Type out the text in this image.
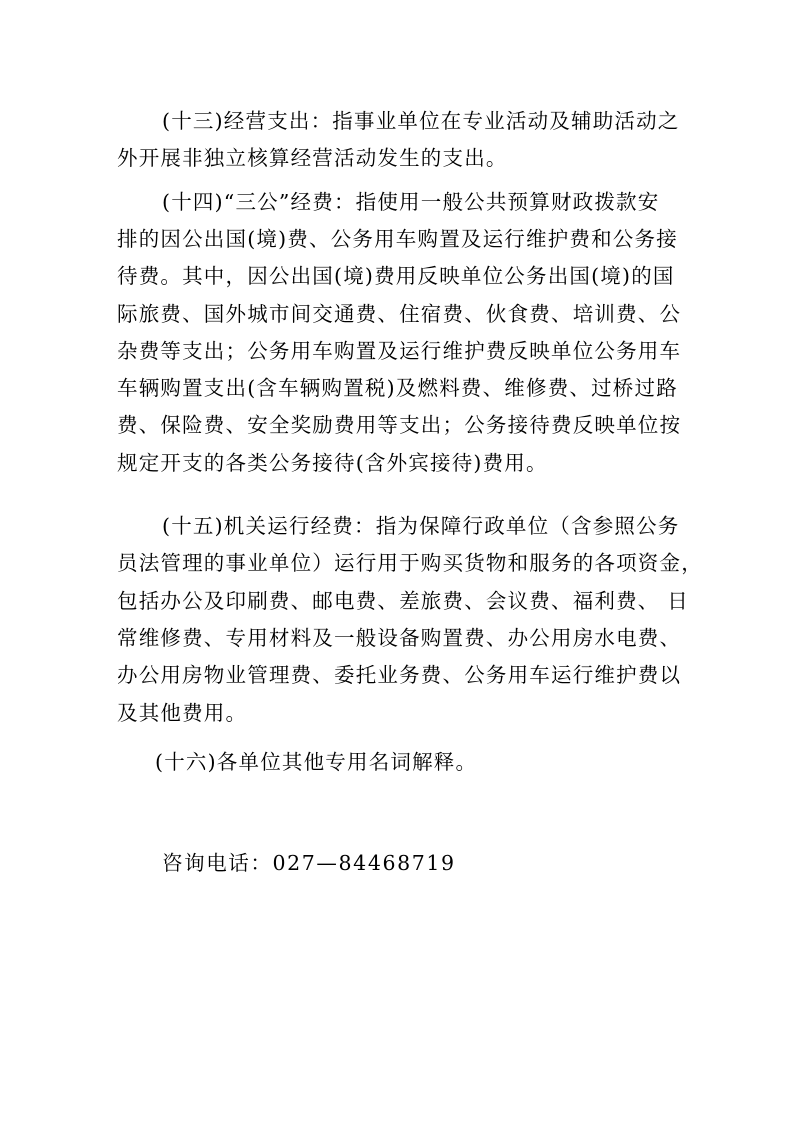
(十三)经营支出：指事业单位在专业活动及辅助活动之

外开展非独立核算经营活动发生的支出。

(十四)“三公”经费：指使用一般公共预算财政拨款安

排的因公出国(境)费、公务用车购置及运行维护费和公务接

待费。其中，因公出国(境)费用反映单位公务出国(境)的国

际旅费、国外城市间交通费、住宿费、伙食费、培训费、公

杂费等支出；公务用车购置及运行维护费反映单位公务用车

车辆购置支出(含车辆购置税)及燃料费、维修费、过桥过路

费、保险费、安全奖励费用等支出；公务接待费反映单位按

规定开支的各类公务接待(含外宾接待)费用。

(十五)机关运行经费：指为保障行政单位（含参照公务

员法管理的事业单位）运行用于购买货物和服务的各项资金，

包括办公及印刷费、邮电费、差旅费、会议费、福利费、 日

常维修费、专用材料及一般设备购置费、办公用房水电费、

办公用房物业管理费、委托业务费、公务用车运行维护费以

及其他费用。

(十六)各单位其他专用名词解释。

咨询电话：027—84468719
